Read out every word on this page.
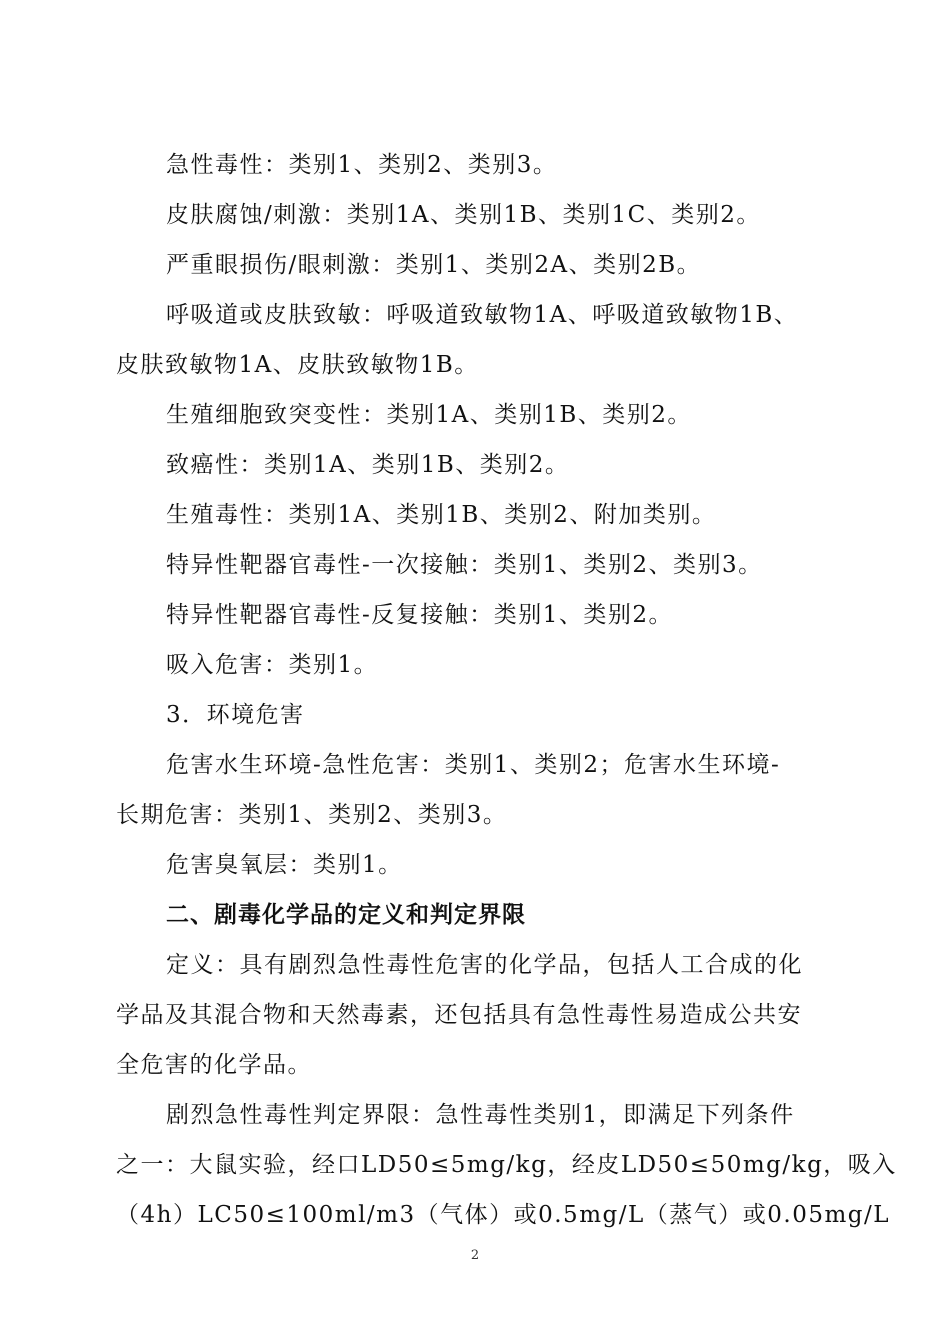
急性毒性：类别1、类别2、类别3。
皮肤腐蚀/刺激：类别1A、类别1B、类别1C、类别2。
严重眼损伤/眼刺激：类别1、类别2A、类别2B。
呼吸道或皮肤致敏：呼吸道致敏物1A、呼吸道致敏物1B、
皮肤致敏物1A、皮肤致敏物1B。
生殖细胞致突变性：类别1A、类别1B、类别2。
致癌性：类别1A、类别1B、类别2。
生殖毒性：类别1A、类别1B、类别2、附加类别。
特异性靶器官毒性-一次接触：类别1、类别2、类别3。
特异性靶器官毒性-反复接触：类别1、类别2。
吸入危害：类别1。
3．环境危害
危害水生环境-急性危害：类别1、类别2；危害水生环境-
长期危害：类别1、类别2、类别3。
危害臭氧层：类别1。
二、剧毒化学品的定义和判定界限
定义：具有剧烈急性毒性危害的化学品，包括人工合成的化
学品及其混合物和天然毒素，还包括具有急性毒性易造成公共安
全危害的化学品。
剧烈急性毒性判定界限：急性毒性类别1，即满足下列条件
之一：大鼠实验，经口LD50≤5mg/kg，经皮LD50≤50mg/kg，吸入
（4h）LC50≤100ml/m3（气体）或0.5mg/L（蒸气）或0.05mg/L
2
